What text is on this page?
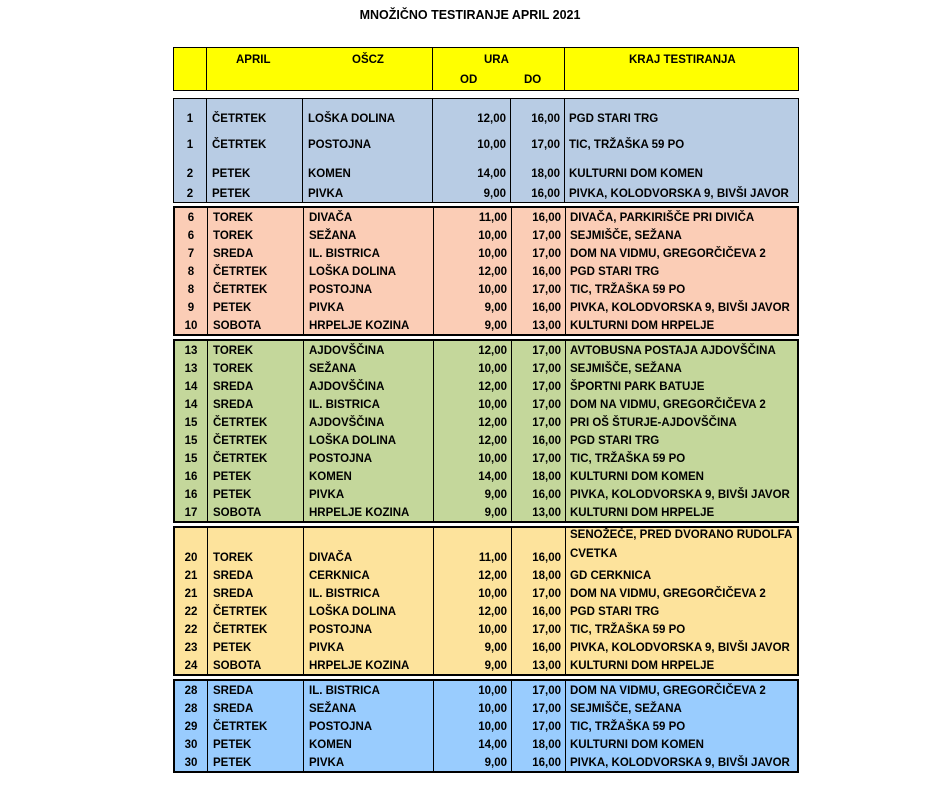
MNOŽIČNO TESTIRANJE APRIL 2021
APRIL	OŠCZ	URA
OD	DO
KRAJ TESTIRANJA
1	ČETRTEK	LOŠKA DOLINA	12,00	16,00 PGD STARI TRG
1	ČETRTEK	POSTOJNA	10,00	17,00 TIC, TRŽAŠKA 59 PO
2	PETEK	KOMEN	14,00	18,00 KULTURNI DOM KOMEN
2	PETEK	PIVKA	9,00	16,00 PIVKA, KOLODVORSKA 9, BIVŠI JAVOR
6	TOREK	DIVAČA	11,00	16,00 DIVAČA, PARKIRIŠČE PRI DIVIČA
6	TOREK	SEŽANA	10,00	17,00 SEJMIŠČE, SEŽANA
7	SREDA	IL. BISTRICA	10,00	17,00 DOM NA VIDMU, GREGORČIČEVA 2
8	ČETRTEK	LOŠKA DOLINA	12,00	16,00 PGD STARI TRG
8	ČETRTEK	POSTOJNA	10,00	17,00 TIC, TRŽAŠKA 59 PO
9	PETEK	PIVKA	9,00	16,00 PIVKA, KOLODVORSKA 9, BIVŠI JAVOR
10	SOBOTA	HRPELJE KOZINA	9,00	13,00 KULTURNI DOM HRPELJE
13	TOREK	AJDOVŠČINA	12,00	17,00 AVTOBUSNA POSTAJA AJDOVŠČINA
13	TOREK	SEŽANA	10,00	17,00 SEJMIŠČE, SEŽANA
14	SREDA	AJDOVŠČINA	12,00	17,00 ŠPORTNI PARK BATUJE
14	SREDA	IL. BISTRICA	10,00	17,00 DOM NA VIDMU, GREGORČIČEVA 2
15	ČETRTEK	AJDOVŠČINA	12,00	17,00 PRI OŠ ŠTURJE-AJDOVŠČINA
15	ČETRTEK	LOŠKA DOLINA	12,00	16,00 PGD STARI TRG
15	ČETRTEK	POSTOJNA	10,00	17,00 TIC, TRŽAŠKA 59 PO
16	PETEK	KOMEN	14,00	18,00 KULTURNI DOM KOMEN
16	PETEK	PIVKA	9,00	16,00 PIVKA, KOLODVORSKA 9, BIVŠI JAVOR
17	SOBOTA	HRPELJE KOZINA	9,00	13,00 KULTURNI DOM HRPELJE
20	TOREK	DIVAČA	11,00	16,00
SENOŽEČE, PRED DVORANO RUDOLFA
CVETKA
21	SREDA	CERKNICA	12,00	18,00 GD CERKNICA
21	SREDA	IL. BISTRICA	10,00	17,00 DOM NA VIDMU, GREGORČIČEVA 2
22	ČETRTEK	LOŠKA DOLINA	12,00	16,00 PGD STARI TRG
22	ČETRTEK	POSTOJNA	10,00	17,00 TIC, TRŽAŠKA 59 PO
23	PETEK	PIVKA	9,00	16,00 PIVKA, KOLODVORSKA 9, BIVŠI JAVOR
24	SOBOTA	HRPELJE KOZINA	9,00	13,00 KULTURNI DOM HRPELJE
28	SREDA	IL. BISTRICA	10,00	17,00 DOM NA VIDMU, GREGORČIČEVA 2
28	SREDA	SEŽANA	10,00	17,00 SEJMIŠČE, SEŽANA
29	ČETRTEK	POSTOJNA	10,00	17,00 TIC, TRŽAŠKA 59 PO
30	PETEK	KOMEN	14,00	18,00 KULTURNI DOM KOMEN
30	PETEK	PIVKA	9,00	16,00 PIVKA, KOLODVORSKA 9, BIVŠI JAVOR
